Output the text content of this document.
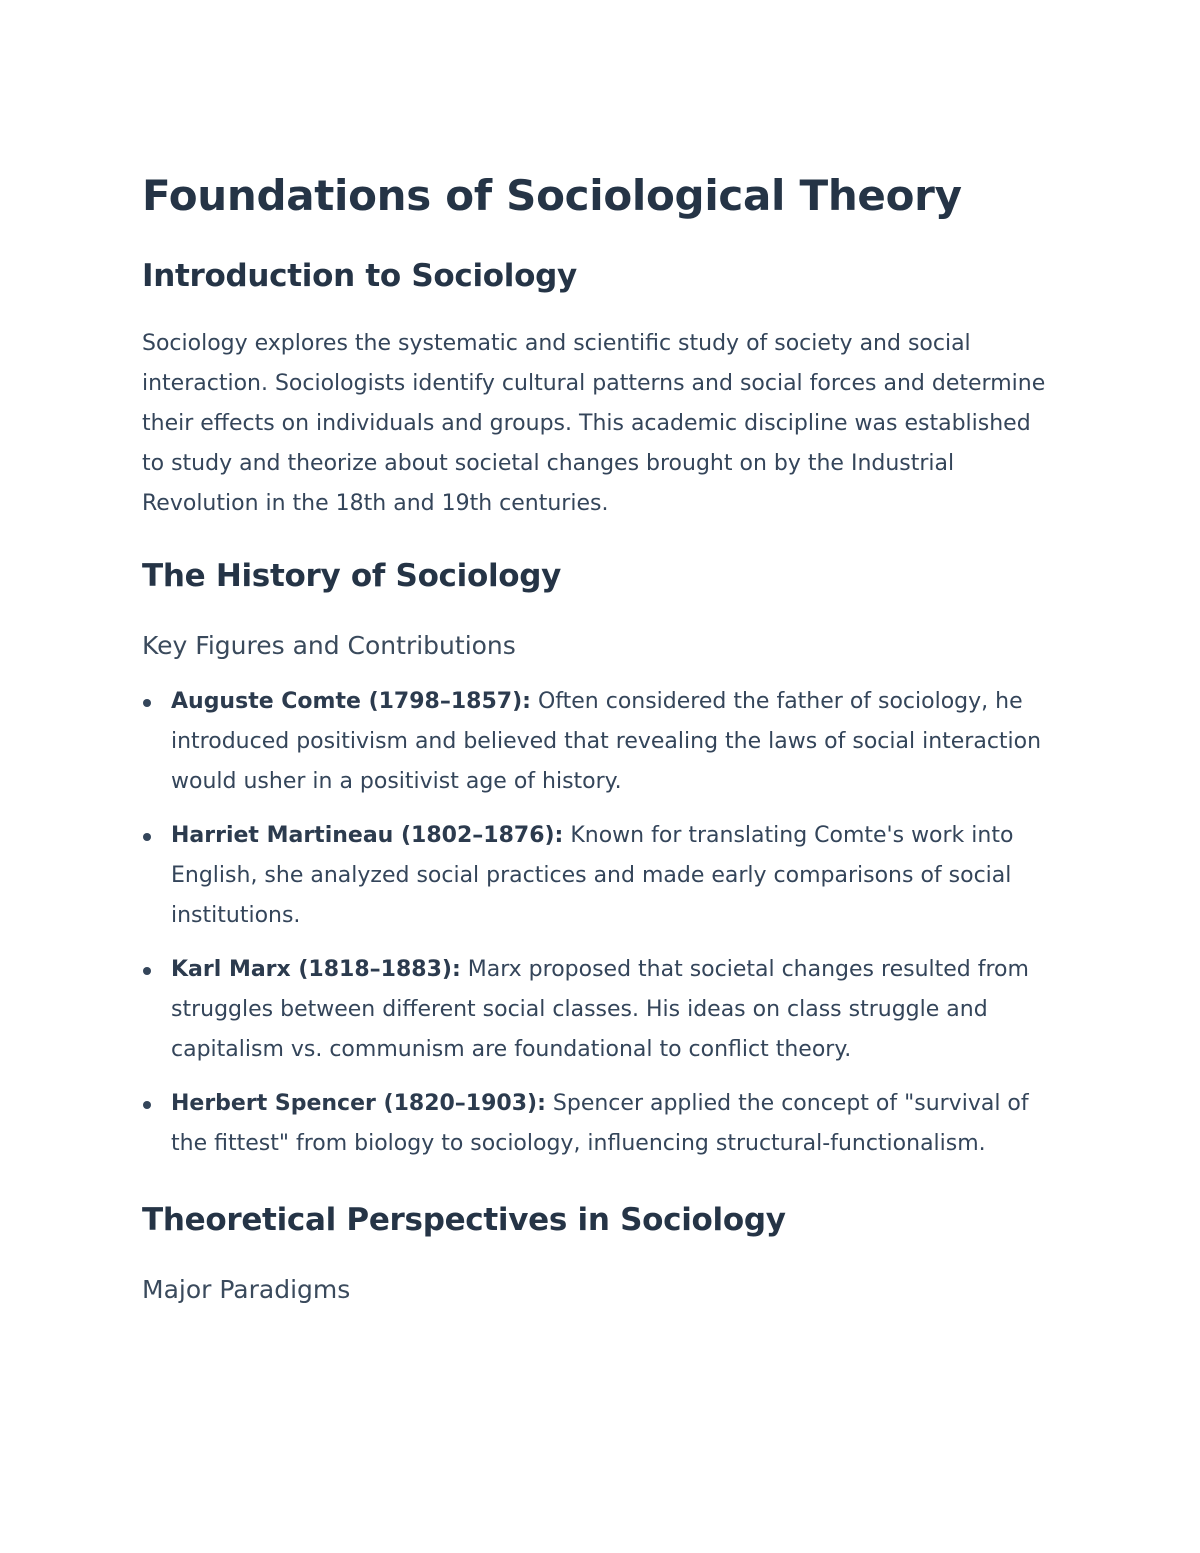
Foundations of Sociological Theory
Introduction to Sociology

Sociology explores the systematic and scientific study of society and social interaction. Sociologists identify cultural patterns and social forces and determine their effects on individuals and groups. This academic discipline was established to study and theorize about societal changes brought on by the Industrial Revolution in the 18th and 19th centuries.

The History of Sociology
Key Figures and Contributions
Auguste Comte (1798–1857): Often considered the father of sociology, he introduced positivism and believed that revealing the laws of social interaction would usher in a positivist age of history.
Harriet Martineau (1802–1876): Known for translating Comte's work into English, she analyzed social practices and made early comparisons of social institutions.
Karl Marx (1818–1883): Marx proposed that societal changes resulted from struggles between different social classes. His ideas on class struggle and capitalism vs. communism are foundational to conflict theory.
Herbert Spencer (1820–1903): Spencer applied the concept of "survival of the fittest" from biology to sociology, influencing structural-functionalism.
Theoretical Perspectives in Sociology
Major Paradigms
